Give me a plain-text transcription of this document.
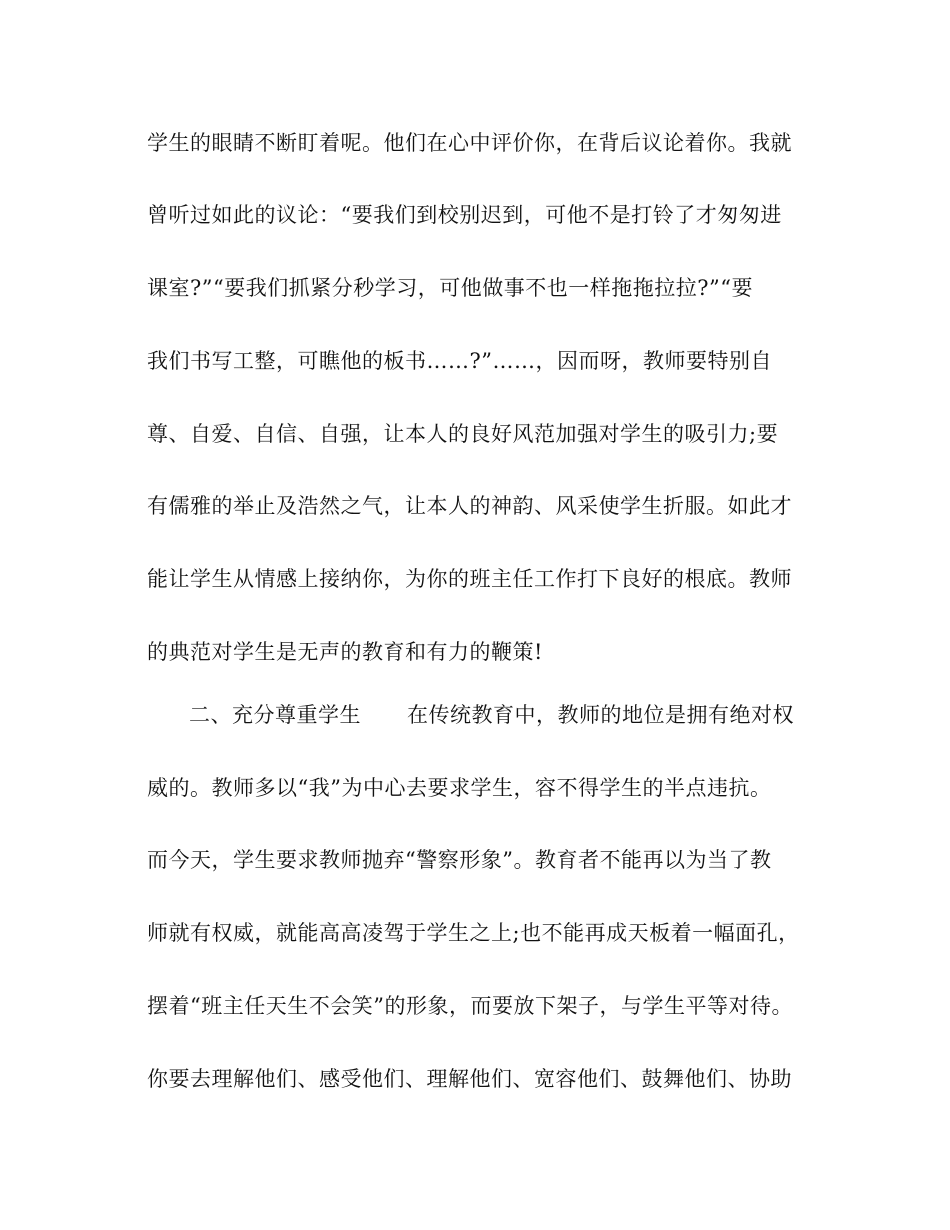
学生的眼睛不断盯着呢。他们在心中评价你，在背后议论着你。我就
曾听过如此的议论：“要我们到校别迟到，可他不是打铃了才匆匆进
课室?”“要我们抓紧分秒学习，可他做事不也一样拖拖拉拉?”“要
我们书写工整，可瞧他的板书……?”……，因而呀，教师要特别自
尊、自爱、自信、自强，让本人的良好风范加强对学生的吸引力;要
有儒雅的举止及浩然之气，让本人的神韵、风采使学生折服。如此才
能让学生从情感上接纳你，为你的班主任工作打下良好的根底。教师
的典范对学生是无声的教育和有力的鞭策!
二、充分尊重学生 在传统教育中，教师的地位是拥有绝对权
威的。教师多以“我”为中心去要求学生，容不得学生的半点违抗。
而今天，学生要求教师抛弃“警察形象”。教育者不能再以为当了教
师就有权威，就能高高凌驾于学生之上;也不能再成天板着一幅面孔，
摆着“班主任天生不会笑”的形象，而要放下架子，与学生平等对待。
你要去理解他们、感受他们、理解他们、宽容他们、鼓舞他们、协助
